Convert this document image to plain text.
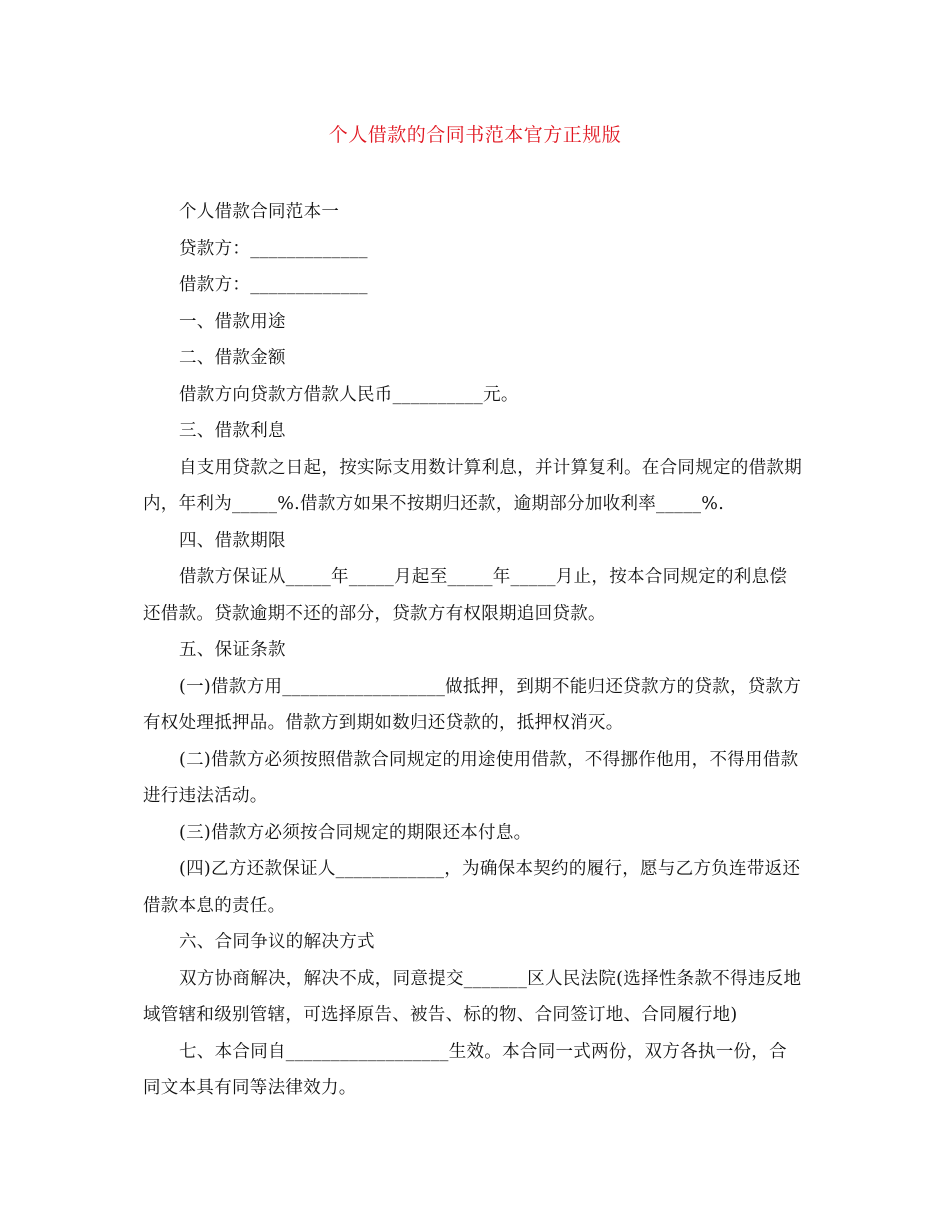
个人借款的合同书范本官方正规版

个人借款合同范本一

贷款方：_____________

借款方：_____________

一、借款用途

二、借款金额

借款方向贷款方借款人民币__________元。

三、借款利息

自支用贷款之日起，按实际支用数计算利息，并计算复利。在合同规定的借款期内，年利为_____%.借款方如果不按期归还款，逾期部分加收利率_____%.

四、借款期限

借款方保证从_____年_____月起至_____年_____月止，按本合同规定的利息偿还借款。贷款逾期不还的部分，贷款方有权限期追回贷款。

五、保证条款

(一)借款方用__________________做抵押，到期不能归还贷款方的贷款，贷款方有权处理抵押品。借款方到期如数归还贷款的，抵押权消灭。

(二)借款方必须按照借款合同规定的用途使用借款，不得挪作他用，不得用借款进行违法活动。

(三)借款方必须按合同规定的期限还本付息。

(四)乙方还款保证人____________，为确保本契约的履行，愿与乙方负连带返还借款本息的责任。

六、合同争议的解决方式

双方协商解决，解决不成，同意提交_______区人民法院(选择性条款不得违反地域管辖和级别管辖，可选择原告、被告、标的物、合同签订地、合同履行地)

七、本合同自__________________生效。本合同一式两份，双方各执一份，合同文本具有同等法律效力。
